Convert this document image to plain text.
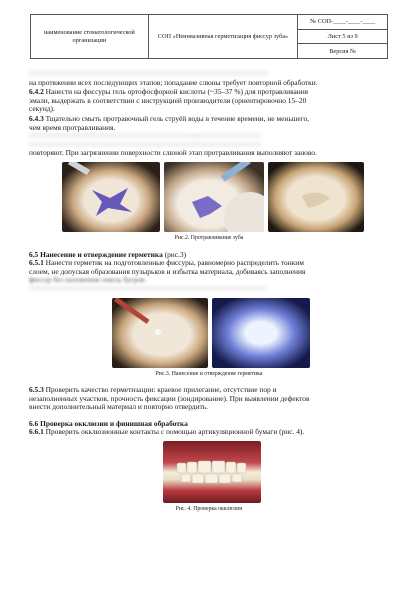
наименование стоматологической организации	СОП «Неинвазивная герметизация фиссур зуба»	№ СОП-____-____-____
Лист 5 из 9
Версия №
~~~~~~~~~~~~~~~~~~~~~~~~~~~~~~~~~~~~~~~~~~~~~~~~~~~~~~~~~~~~
на протяжении всех последующих этапов; попадание слюны требует повторной обработки.
6.4.2 Нанести на фиссуры гель ортофосфорной кислоты (~35–37 %) для протравливания
эмали, выдержать в соответствии с инструкцией производителя (ориентировочно 15–20
секунд).
6.4.3 Тщательно смыть протравочный гель струёй воды в течение времени, не меньшего,
чем время протравливания.
~~~~~~~~~~~~~~~~~~~~~~~~~~~~~~~~~~~~~~~~~~~~~~~~~~~~~~~~~~
~~~~~~~~~~~~~~~~~~~~~~~~~~~~~~~~~~~~~~~~~~~~~~~~~~~~~~~~~~
повторяют. При загрязнении поверхности слюной этап протравливания выполняют заново.
Рис.2. Протравливание зуба
6.5 Нанесение и отверждение герметика (рис.3)
6.5.1 Нанести герметик на подготовленные фиссуры, равномерно распределить тонким
слоем, не допуская образования пузырьков и избытка материала, добиваясь заполнения
фиссур без наложения сквозь бугров.
~~~~~~~~~~~~~~~~~~~~~~~~~~~~~~~~~~~~~~~~~~~~~~~~~~~~~~~~~~~
Рис.3. Нанесение и отверждение герметика
6.5.3 Проверить качество герметизации: краевое прилегание, отсутствие пор и
незаполненных участков, прочность фиксации (зондирование). При выявлении дефектов
внести дополнительный материал и повторно отвердить.
6.6 Проверка окклюзии и финишная обработка
6.6.1 Проверить окклюзионные контакты с помощью артикуляционной бумаги (рис. 4).
Рис. 4. Проверка окклюзии
